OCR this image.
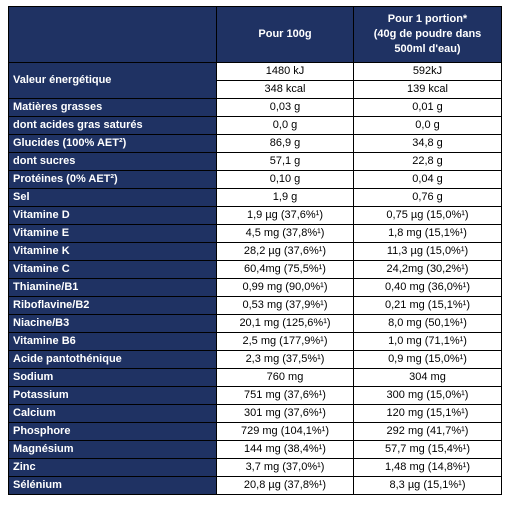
	Pour 100g	Pour 1 portion*
(40g de poudre dans
500ml d'eau)

Valeur énergétique	1480 kJ	592kJ
	348 kcal	139 kcal
Matières grasses	0,03 g	0,01 g
dont acides gras saturés	0,0 g	0,0 g
Glucides (100% AET²)	86,9 g	34,8 g
dont sucres	57,1 g	22,8 g
Protéines (0% AET²)	0,10 g	0,04 g
Sel	1,9 g	0,76 g
Vitamine D	1,9 µg (37,6%¹)	0,75 µg (15,0%¹)
Vitamine E	4,5 mg (37,8%¹)	1,8 mg (15,1%¹)
Vitamine K	28,2 µg (37,6%¹)	11,3 µg (15,0%¹)
Vitamine C	60,4mg (75,5%¹)	24,2mg (30,2%¹)
Thiamine/B1	0,99 mg (90,0%¹)	0,40 mg (36,0%¹)
Riboflavine/B2	0,53 mg (37,9%¹)	0,21 mg (15,1%¹)
Niacine/B3	20,1 mg (125,6%¹)	8,0 mg (50,1%¹)
Vitamine B6	2,5 mg (177,9%¹)	1,0 mg (71,1%¹)
Acide pantothénique	2,3 mg (37,5%¹)	0,9 mg (15,0%¹)
Sodium	760 mg	304 mg
Potassium	751 mg (37,6%¹)	300 mg (15,0%¹)
Calcium	301 mg (37,6%¹)	120 mg (15,1%¹)
Phosphore	729 mg (104,1%¹)	292 mg (41,7%¹)
Magnésium	144 mg (38,4%¹)	57,7 mg (15,4%¹)
Zinc	3,7 mg (37,0%¹)	1,48 mg (14,8%¹)
Sélénium	20,8 µg (37,8%¹)	8,3 µg (15,1%¹)
